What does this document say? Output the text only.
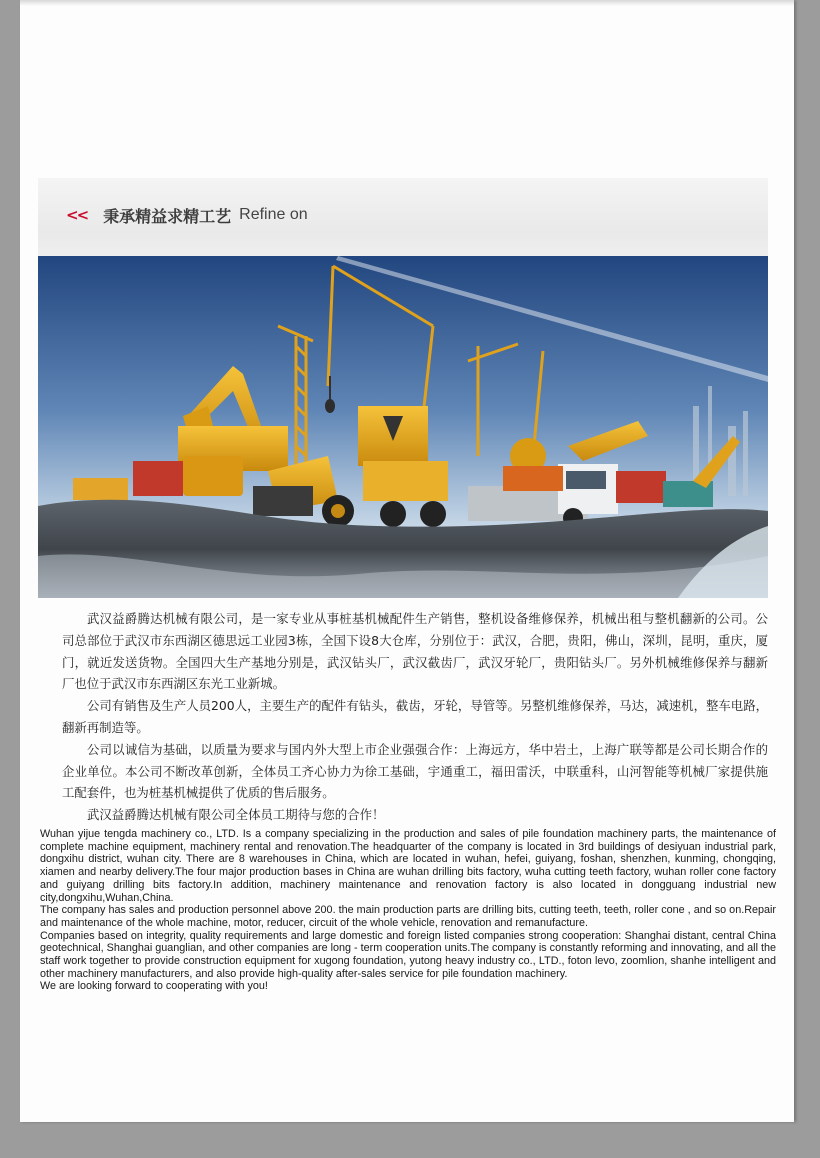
<< 秉承精益求精工艺 Refine on

武汉益爵腾达机械有限公司，是一家专业从事桩基机械配件生产销售，整机设备维修保养，机械出租与整机翻新的公司。公司总部位于武汉市东西湖区德思远工业园3栋，全国下设8大仓库，分别位于：武汉，合肥，贵阳，佛山，深圳，昆明，重庆，厦门，就近发送货物。全国四大生产基地分别是，武汉钻头厂，武汉截齿厂，武汉牙轮厂，贵阳钻头厂。另外机械维修保养与翻新厂也位于武汉市东西湖区东光工业新城。

公司有销售及生产人员200人，主要生产的配件有钻头，截齿，牙轮，导管等。另整机维修保养，马达，减速机，整车电路，翻新再制造等。

公司以诚信为基础，以质量为要求与国内外大型上市企业强强合作：上海远方，华中岩土，上海广联等都是公司长期合作的企业单位。本公司不断改革创新，全体员工齐心协力为徐工基础，宇通重工，福田雷沃，中联重科，山河智能等机械厂家提供施工配套件，也为桩基机械提供了优质的售后服务。

武汉益爵腾达机械有限公司全体员工期待与您的合作！

Wuhan yijue tengda machinery co., LTD. Is a company specializing in the production and sales of pile foundation machinery parts, the maintenance of complete machine equipment, machinery rental and renovation.The headquarter of the company is located in 3rd buildings of desiyuan industrial park, dongxihu district, wuhan city. There are 8 warehouses in China, which are located in wuhan, hefei, guiyang, foshan, shenzhen, kunming, chongqing, xiamen and nearby delivery.The four major production bases in China are wuhan drilling bits factory, wuha cutting teeth factory, wuhan roller cone factory and guiyang drilling bits factory.In addition, machinery maintenance and renovation factory is also located in dongguang industrial new city,dongxihu,Wuhan,China.

The company has sales and production personnel above 200. the main production parts are drilling bits, cutting teeth, teeth, roller cone , and so on.Repair and maintenance of the whole machine, motor, reducer, circuit of the whole vehicle, renovation and remanufacture.

Companies based on integrity, quality requirements and large domestic and foreign listed companies strong cooperation: Shanghai distant, central China geotechnical, Shanghai guanglian, and other companies are long - term cooperation units.The company is constantly reforming and innovating, and all the staff work together to provide construction equipment for xugong foundation, yutong heavy industry co., LTD., foton levo, zoomlion, shanhe intelligent and other machinery manufacturers, and also provide high-quality after-sales service for pile foundation machinery.

We are looking forward to cooperating with you!
